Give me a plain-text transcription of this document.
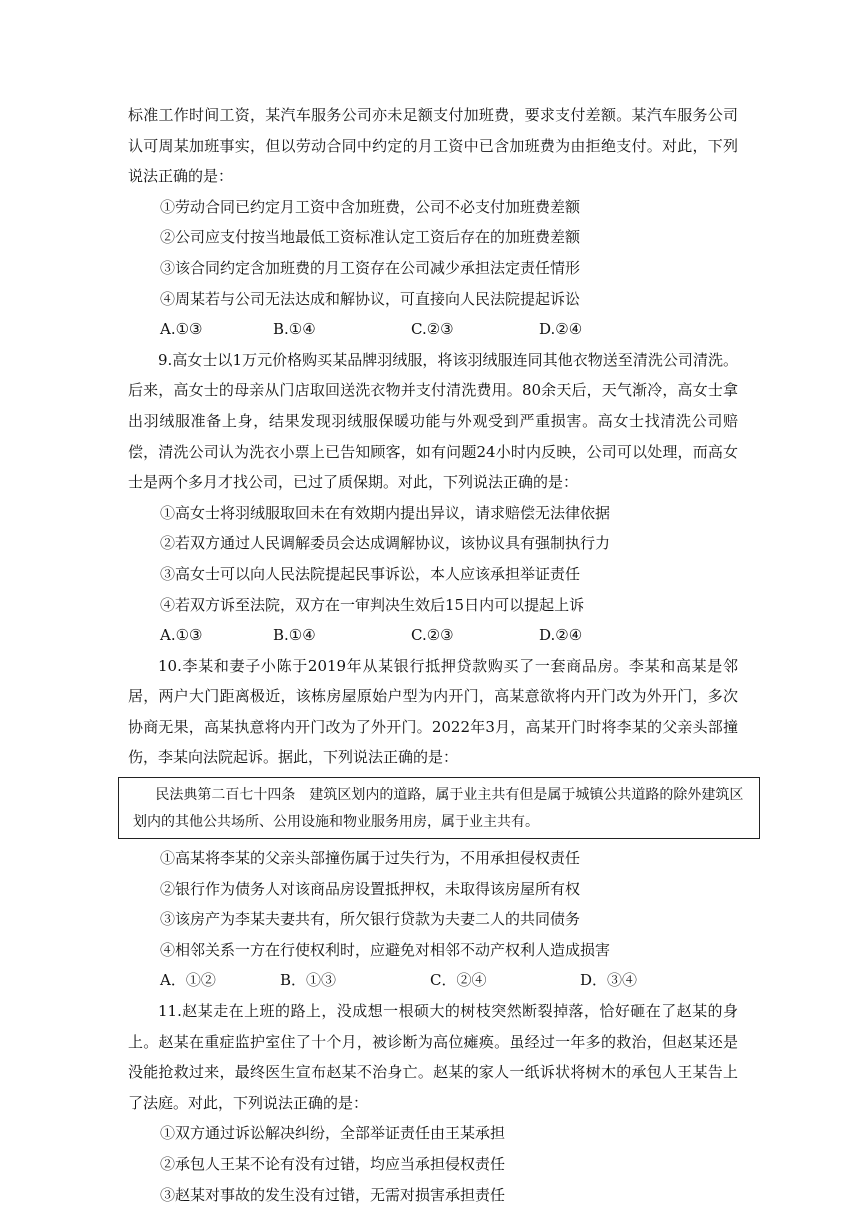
标准工作时间工资，某汽车服务公司亦未足额支付加班费，要求支付差额。某汽车服务公司认可周某加班事实，但以劳动合同中约定的月工资中已含加班费为由拒绝支付。对此，下列说法正确的是：

①劳动合同已约定月工资中含加班费，公司不必支付加班费差额

②公司应支付按当地最低工资标准认定工资后存在的加班费差额

③该合同约定含加班费的月工资存在公司减少承担法定责任情形

④周某若与公司无法达成和解协议，可直接向人民法院提起诉讼

A.①③	B.①④	C.②③	D.②④

9.高女士以1万元价格购买某品牌羽绒服，将该羽绒服连同其他衣物送至清洗公司清洗。后来，高女士的母亲从门店取回送洗衣物并支付清洗费用。80余天后，天气渐冷，高女士拿出羽绒服准备上身，结果发现羽绒服保暖功能与外观受到严重损害。高女士找清洗公司赔偿，清洗公司认为洗衣小票上已告知顾客，如有问题24小时内反映，公司可以处理，而高女士是两个多月才找公司，已过了质保期。对此，下列说法正确的是：

①高女士将羽绒服取回未在有效期内提出异议，请求赔偿无法律依据

②若双方通过人民调解委员会达成调解协议，该协议具有强制执行力

③高女士可以向人民法院提起民事诉讼，本人应该承担举证责任

④若双方诉至法院，双方在一审判决生效后15日内可以提起上诉

A.①③	B.①④	C.②③	D.②④

10.李某和妻子小陈于2019年从某银行抵押贷款购买了一套商品房。李某和高某是邻居，两户大门距离极近，该栋房屋原始户型为内开门，高某意欲将内开门改为外开门，多次协商无果，高某执意将内开门改为了外开门。2022年3月，高某开门时将李某的父亲头部撞伤，李某向法院起诉。据此，下列说法正确的是：

民法典第二百七十四条　建筑区划内的道路，属于业主共有但是属于城镇公共道路的除外建筑区划内的其他公共场所、公用设施和物业服务用房，属于业主共有。

①高某将李某的父亲头部撞伤属于过失行为，不用承担侵权责任

②银行作为债务人对该商品房设置抵押权，未取得该房屋所有权

③该房产为李某夫妻共有，所欠银行贷款为夫妻二人的共同债务

④相邻关系一方在行使权利时，应避免对相邻不动产权利人造成损害

A．①②	B．①③	C．②④	D．③④

11.赵某走在上班的路上，没成想一根硕大的树枝突然断裂掉落，恰好砸在了赵某的身上。赵某在重症监护室住了十个月，被诊断为高位瘫痪。虽经过一年多的救治，但赵某还是没能抢救过来，最终医生宣布赵某不治身亡。赵某的家人一纸诉状将树木的承包人王某告上了法庭。对此，下列说法正确的是：

①双方通过诉讼解决纠纷，全部举证责任由王某承担

②承包人王某不论有没有过错，均应当承担侵权责任

③赵某对事故的发生没有过错，无需对损害承担责任
